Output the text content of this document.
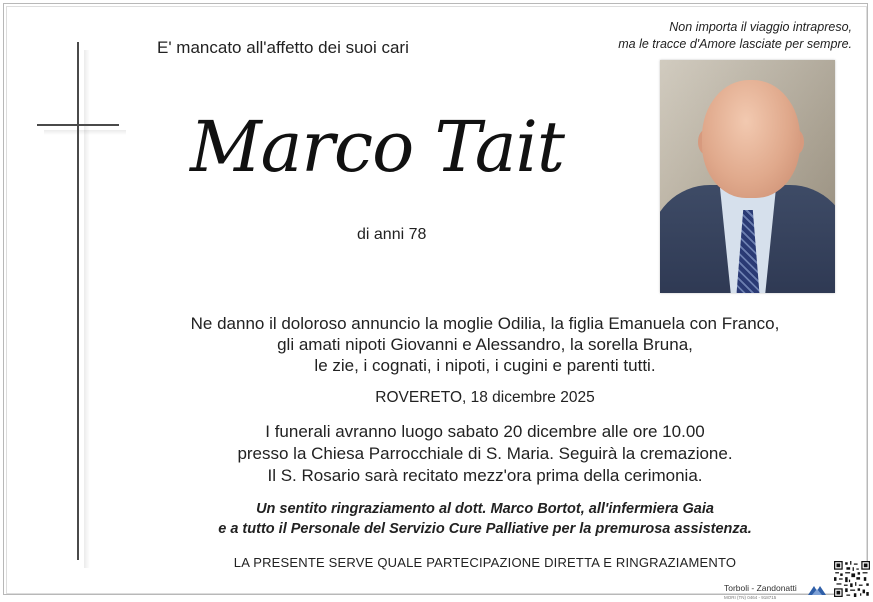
E' mancato all'affetto dei suoi cari
Non importa il viaggio intrapreso,
ma le tracce d'Amore lasciate per sempre.
Marco Tait
di anni 78
Ne danno il doloroso annuncio la moglie Odilia, la figlia Emanuela con Franco,
gli amati nipoti Giovanni e Alessandro, la sorella Bruna,
le zie, i cognati, i nipoti, i cugini e parenti tutti.
ROVERETO, 18 dicembre 2025
I funerali avranno luogo sabato 20 dicembre alle ore 10.00
presso la Chiesa Parrocchiale di S. Maria. Seguirà la cremazione.
Il S. Rosario sarà recitato mezz'ora prima della cerimonia.
Un sentito ringraziamento al dott. Marco Bortot, all'infermiera Gaia
e a tutto il Personale del Servizio Cure Palliative per la premurosa assistenza.
LA PRESENTE SERVE QUALE PARTECIPAZIONE DIRETTA E RINGRAZIAMENTO
Torboli - Zandonatti
MORI (TN) 0464 - 918715
